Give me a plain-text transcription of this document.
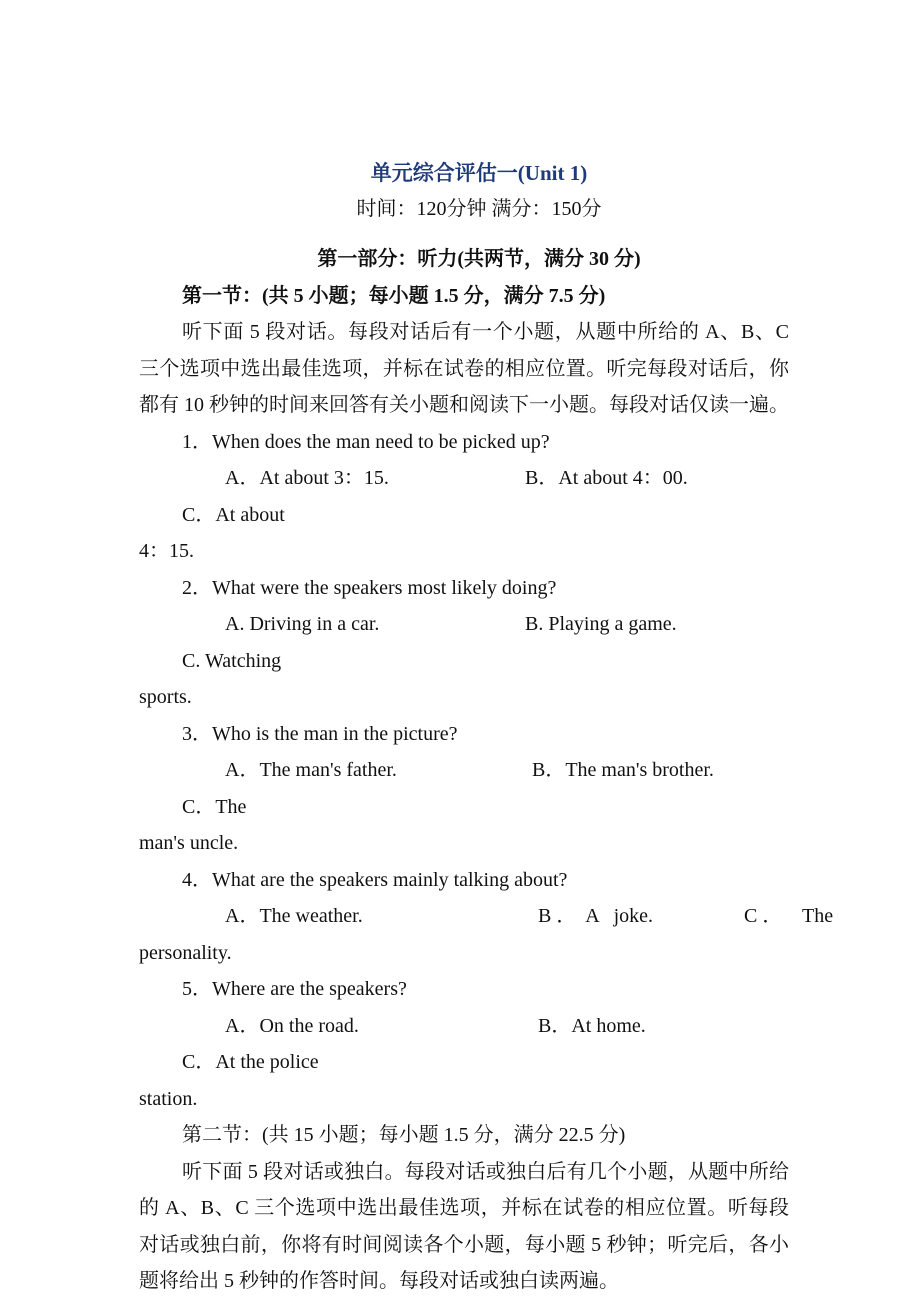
单元综合评估一(Unit 1)

时间：120分钟 满分：150分

第一部分：听力(共两节，满分 30 分)

第一节：(共 5 小题；每小题 1.5 分，满分 7.5 分)

听下面 5 段对话。每段对话后有一个小题，从题中所给的 A、B、C 三个选项中选出最佳选项，并标在试卷的相应位置。听完每段对话后，你都有 10 秒钟的时间来回答有关小题和阅读下一小题。每段对话仅读一遍。

1．When does the man need to be picked up?

A．At about 3：15.	B．At about 4：00.C．At about

4：15.

2．What were the speakers most likely doing?

A. Driving in a car.	B. Playing a game.C. Watching

sports.

3．Who is the man in the picture?

A．The man's father.	B．The man's brother.C．The

man's uncle.

4．What are the speakers mainly talking about?

A．The weather.	B ．  A   joke.	C ．    The

personality.

5．Where are the speakers?

A．On the road.	B．At home.C．At the police

station.

第二节：(共 15 小题；每小题 1.5 分，满分 22.5 分)

听下面 5 段对话或独白。每段对话或独白后有几个小题，从题中所给的 A、B、C 三个选项中选出最佳选项，并标在试卷的相应位置。听每段对话或独白前，你将有时间阅读各个小题，每小题 5 秒钟；听完后，各小题将给出 5 秒钟的作答时间。每段对话或独白读两遍。
